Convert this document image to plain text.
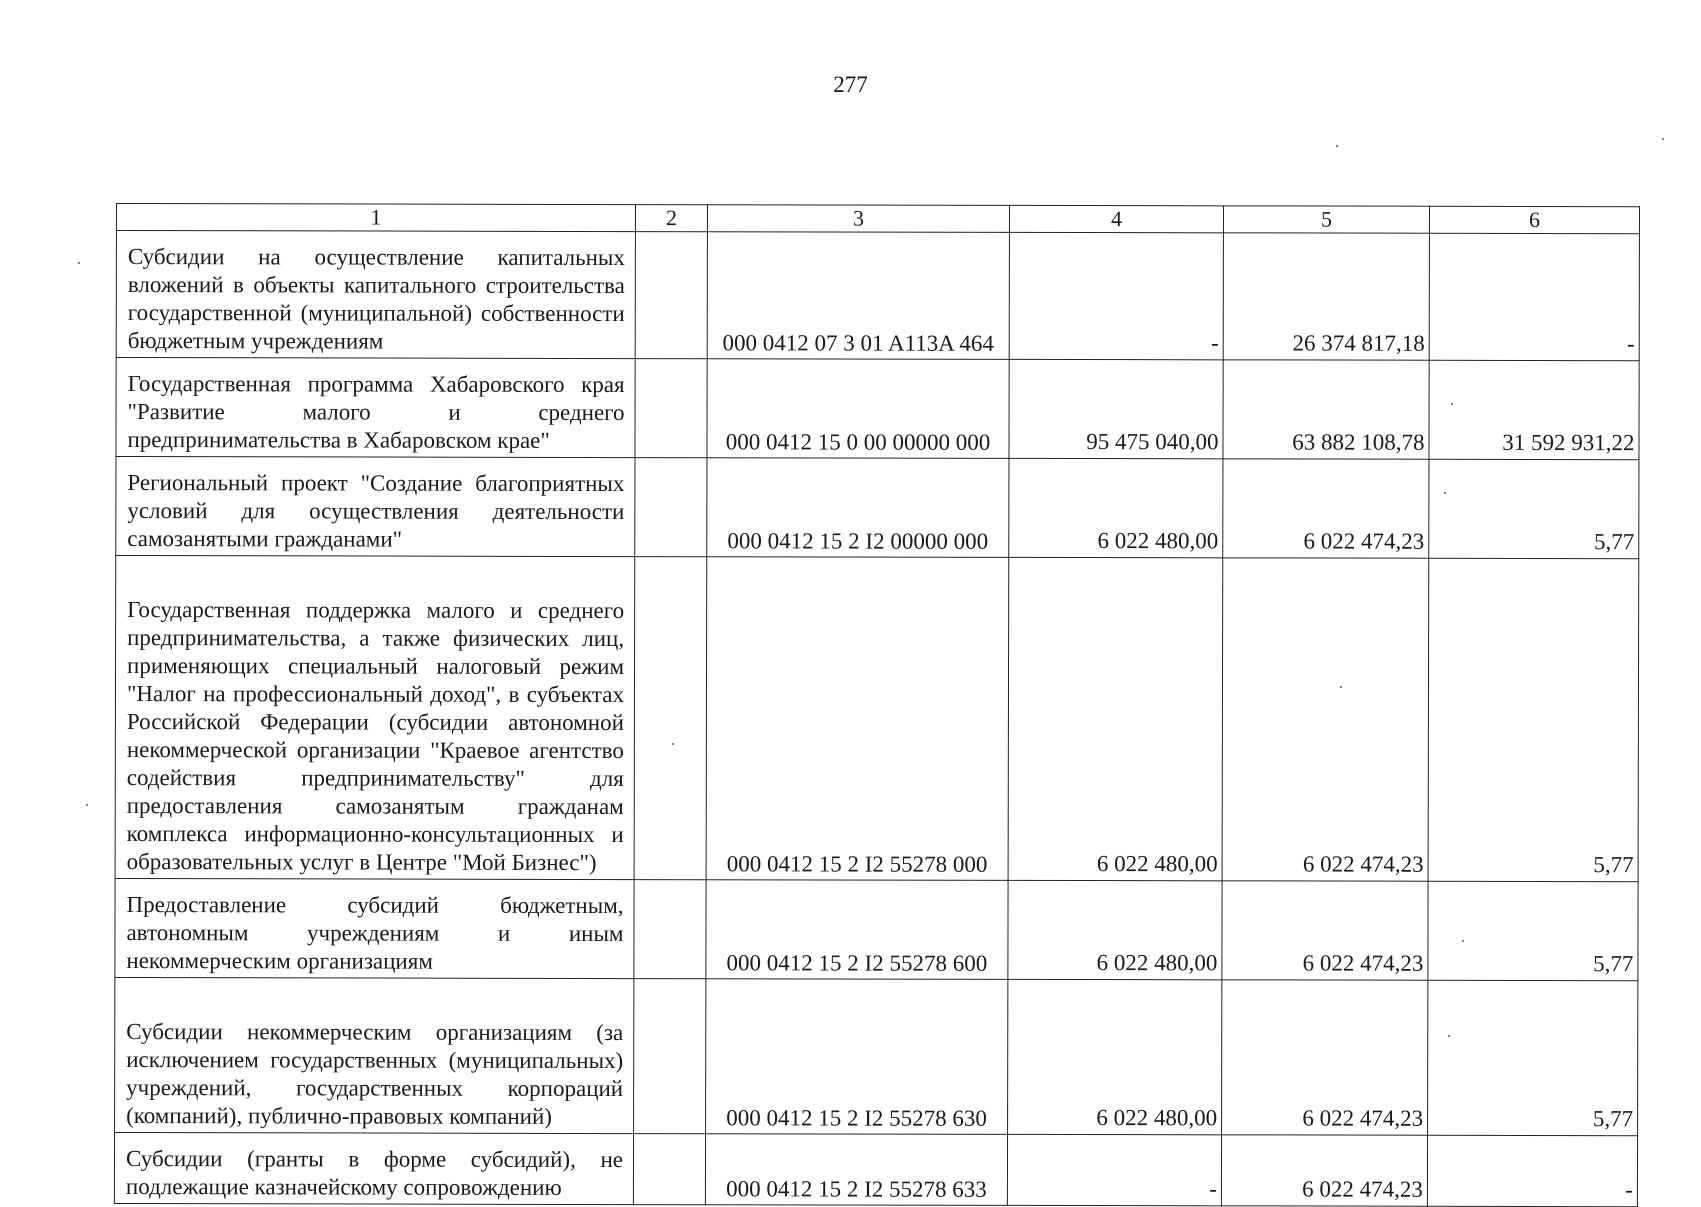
277
1	2	3	4	5	6
Субсидии на осуществление капитальных вложений в объекты капитального строительства государственной (муниципальной) собственности бюджетным учреждениям		000 0412 07 3 01 A113A 464	-	26 374 817,18	-
Государственная программа Хабаровского края "Развитие малого и среднего предпринимательства в Хабаровском крае"		000 0412 15 0 00 00000 000	95 475 040,00	63 882 108,78	31 592 931,22
Региональный проект "Создание благоприятных условий для осуществления деятельности самозанятыми гражданами"		000 0412 15 2 I2 00000 000	6 022 480,00	6 022 474,23	5,77
Государственная поддержка малого и среднего предпринимательства, а также физических лиц, применяющих специальный налоговый режим "Налог на профессиональный доход", в субъектах Российской Федерации (субсидии автономной некоммерческой организации "Краевое агентство содействия предпринимательству" для предоставления самозанятым гражданам комплекса информационно-консультационных и образовательных услуг в Центре "Мой Бизнес")		000 0412 15 2 I2 55278 000	6 022 480,00	6 022 474,23	5,77
Предоставление субсидий бюджетным, автономным учреждениям и иным некоммерческим организациям		000 0412 15 2 I2 55278 600	6 022 480,00	6 022 474,23	5,77
Субсидии некоммерческим организациям (за исключением государственных (муниципальных) учреждений, государственных корпораций (компаний), публично-правовых компаний)		000 0412 15 2 I2 55278 630	6 022 480,00	6 022 474,23	5,77
Субсидии (гранты в форме субсидий), не подлежащие казначейскому сопровождению		000 0412 15 2 I2 55278 633	-	6 022 474,23	-
